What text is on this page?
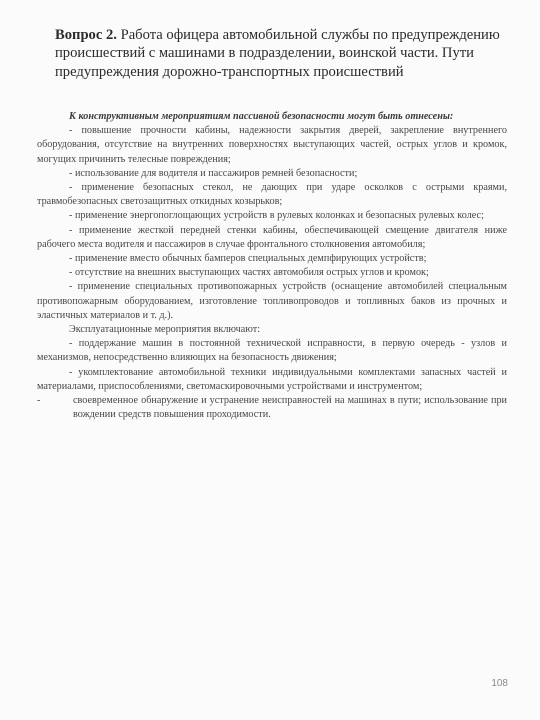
Вопрос 2. Работа офицера автомобильной службы по предупреждению происшествий с машинами в подразделении, воинской части. Пути предупреждения дорожно-транспортных происшествий

К конструктивным мероприятиям пассивной безопасности могут быть отнесены:

- повышение прочности кабины, надежности закрытия дверей, закрепление внутреннего оборудования, отсутствие на внутренних поверхностях выступающих частей, острых углов и кромок, могущих причинить телесные повреждения;

- использование для водителя и пассажиров ремней безопасности;

- применение безопасных стекол, не дающих при ударе осколков с острыми краями, травмобезопасных светозащитных откидных козырьков;

- применение энергопоглощающих устройств в рулевых колонках и безопасных рулевых колес;

- применение жесткой передней стенки кабины, обеспечивающей смещение двигателя ниже рабочего места водителя и пассажиров в случае фронтального столкновения автомобиля;

- применение вместо обычных бамперов специальных демпфирующих устройств;

- отсутствие на внешних выступающих частях автомобиля острых углов и кромок;

- применение специальных противопожарных устройств (оснащение автомобилей специальным противопожарным оборудованием, изготовление топливопроводов и топливных баков из прочных и эластичных материалов и т. д.).

Эксплуатационные мероприятия включают:

- поддержание машин в постоянной технической исправности, в первую очередь - узлов и механизмов, непосредственно влияющих на безопасность движения;

- укомплектование автомобильной техники индивидуальными комплектами запасных частей и материалами, приспособлениями, светомаскировочными устройствами и инструментом;

-	своевременное обнаружение и устранение неисправностей на машинах в пути; использование при вождении средств повышения проходимости.

108
